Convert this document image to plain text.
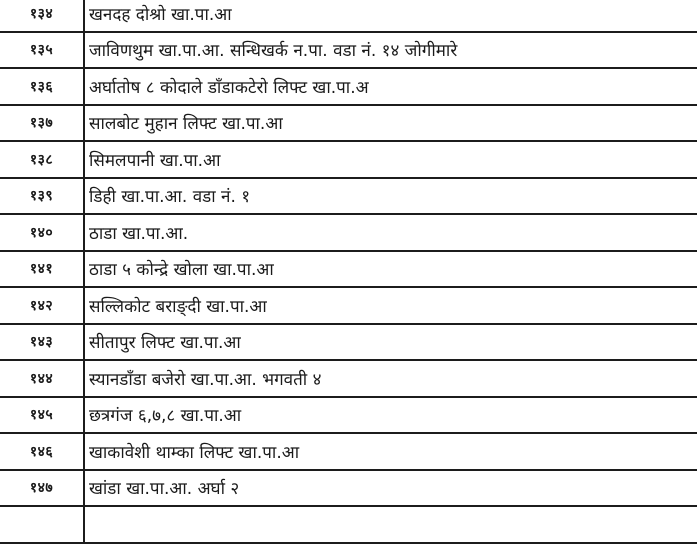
१३४	खनदह दोश्रो खा.पा.आ
१३५	जाविणथुम खा.पा.आ. सन्धिखर्क न.पा. वडा नं. १४ जोगीमारे
१३६	अर्घातोष ८ कोदाले डाँडाकटेरो लिफ्ट खा.पा.अ
१३७	सालबोट मुहान लिफ्ट खा.पा.आ
१३८	सिमलपानी खा.पा.आ
१३९	डिही खा.पा.आ. वडा नं. १
१४०	ठाडा खा.पा.आ.
१४१	ठाडा ५ कोन्द्रे खोला खा.पा.आ
१४२	सल्लिकोट बराङ्दी खा.पा.आ
१४३	सीतापुर लिफ्ट खा.पा.आ
१४४	स्यानडाँडा बजेरो खा.पा.आ. भगवती ४
१४५	छत्रगंज ६,७,८ खा.पा.आ
१४६	खाकावेशी थाम्का लिफ्ट खा.पा.आ
१४७	खांडा खा.पा.आ. अर्घा २
